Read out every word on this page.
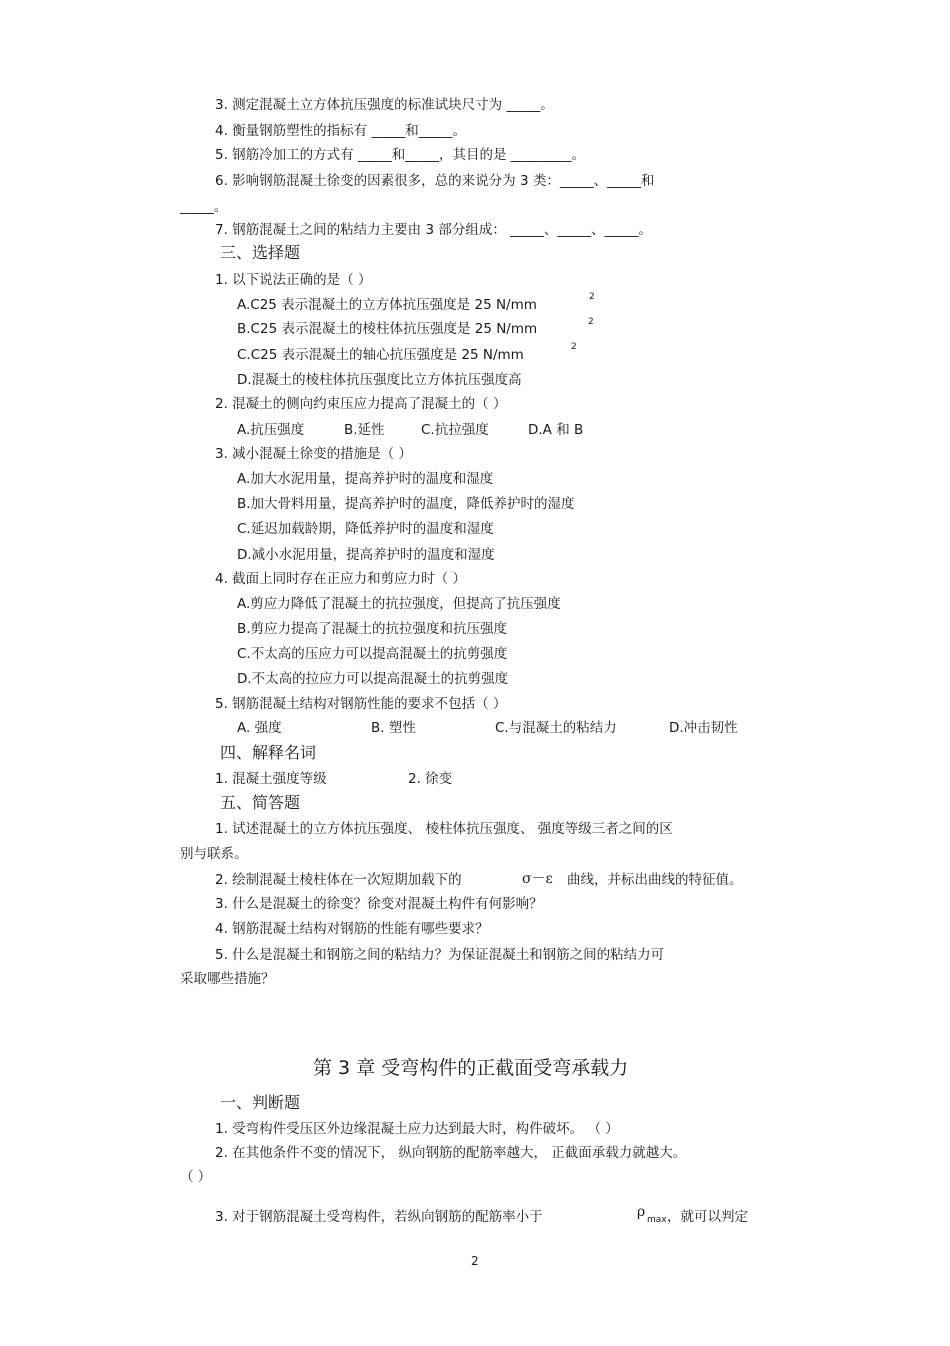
3. 测定混凝土立方体抗压强度的标准试块尺寸为 _____。
4. 衡量钢筋塑性的指标有 _____和_____。
5. 钢筋冷加工的方式有 _____和_____，其目的是 _________。
6. 影响钢筋混凝土徐变的因素很多，总的来说分为 3 类：_____、_____和
_____。
7. 钢筋混凝土之间的粘结力主要由 3 部分组成： _____、_____、_____。
三、选择题
1. 以下说法正确的是（ ）
A.C25 表示混凝土的立方体抗压强度是 25 N/mm	2
B.C25 表示混凝土的棱柱体抗压强度是 25 N/mm	2
C.C25 表示混凝土的轴心抗压强度是 25 N/mm	2
D.混凝土的棱柱体抗压强度比立方体抗压强度高
2. 混凝土的侧向约束压应力提高了混凝土的（ ）
A.抗压强度	B.延性	C.抗拉强度	D.A 和 B
3. 减小混凝土徐变的措施是（ ）
A.加大水泥用量，提高养护时的温度和湿度
B.加大骨料用量，提高养护时的温度，降低养护时的湿度
C.延迟加载龄期，降低养护时的温度和湿度
D.减小水泥用量，提高养护时的温度和湿度
4. 截面上同时存在正应力和剪应力时（ ）
A.剪应力降低了混凝土的抗拉强度，但提高了抗压强度
B.剪应力提高了混凝土的抗拉强度和抗压强度
C.不太高的压应力可以提高混凝土的抗剪强度
D.不太高的拉应力可以提高混凝土的抗剪强度
5. 钢筋混凝土结构对钢筋性能的要求不包括（ ）
A. 强度	B. 塑性	C.与混凝土的粘结力	D.冲击韧性
四、解释名词
1. 混凝土强度等级	2. 徐变
五、简答题
1. 试述混凝土的立方体抗压强度、 棱柱体抗压强度、 强度等级三者之间的区
别与联系。
2. 绘制混凝土棱柱体在一次短期加载下的	σ－ε 曲线，并标出曲线的特征值。
3. 什么是混凝土的徐变？徐变对混凝土构件有何影响？
4. 钢筋混凝土结构对钢筋的性能有哪些要求？
5. 什么是混凝土和钢筋之间的粘结力？为保证混凝土和钢筋之间的粘结力可
采取哪些措施？
第 3 章 受弯构件的正截面受弯承载力
一、判断题
1. 受弯构件受压区外边缘混凝土应力达到最大时，构件破坏。 （ ）
2. 在其他条件不变的情况下， 纵向钢筋的配筋率越大， 正截面承载力就越大。
（ ）
3. 对于钢筋混凝土受弯构件，若纵向钢筋的配筋率小于	ρ max ，就可以判定
2
